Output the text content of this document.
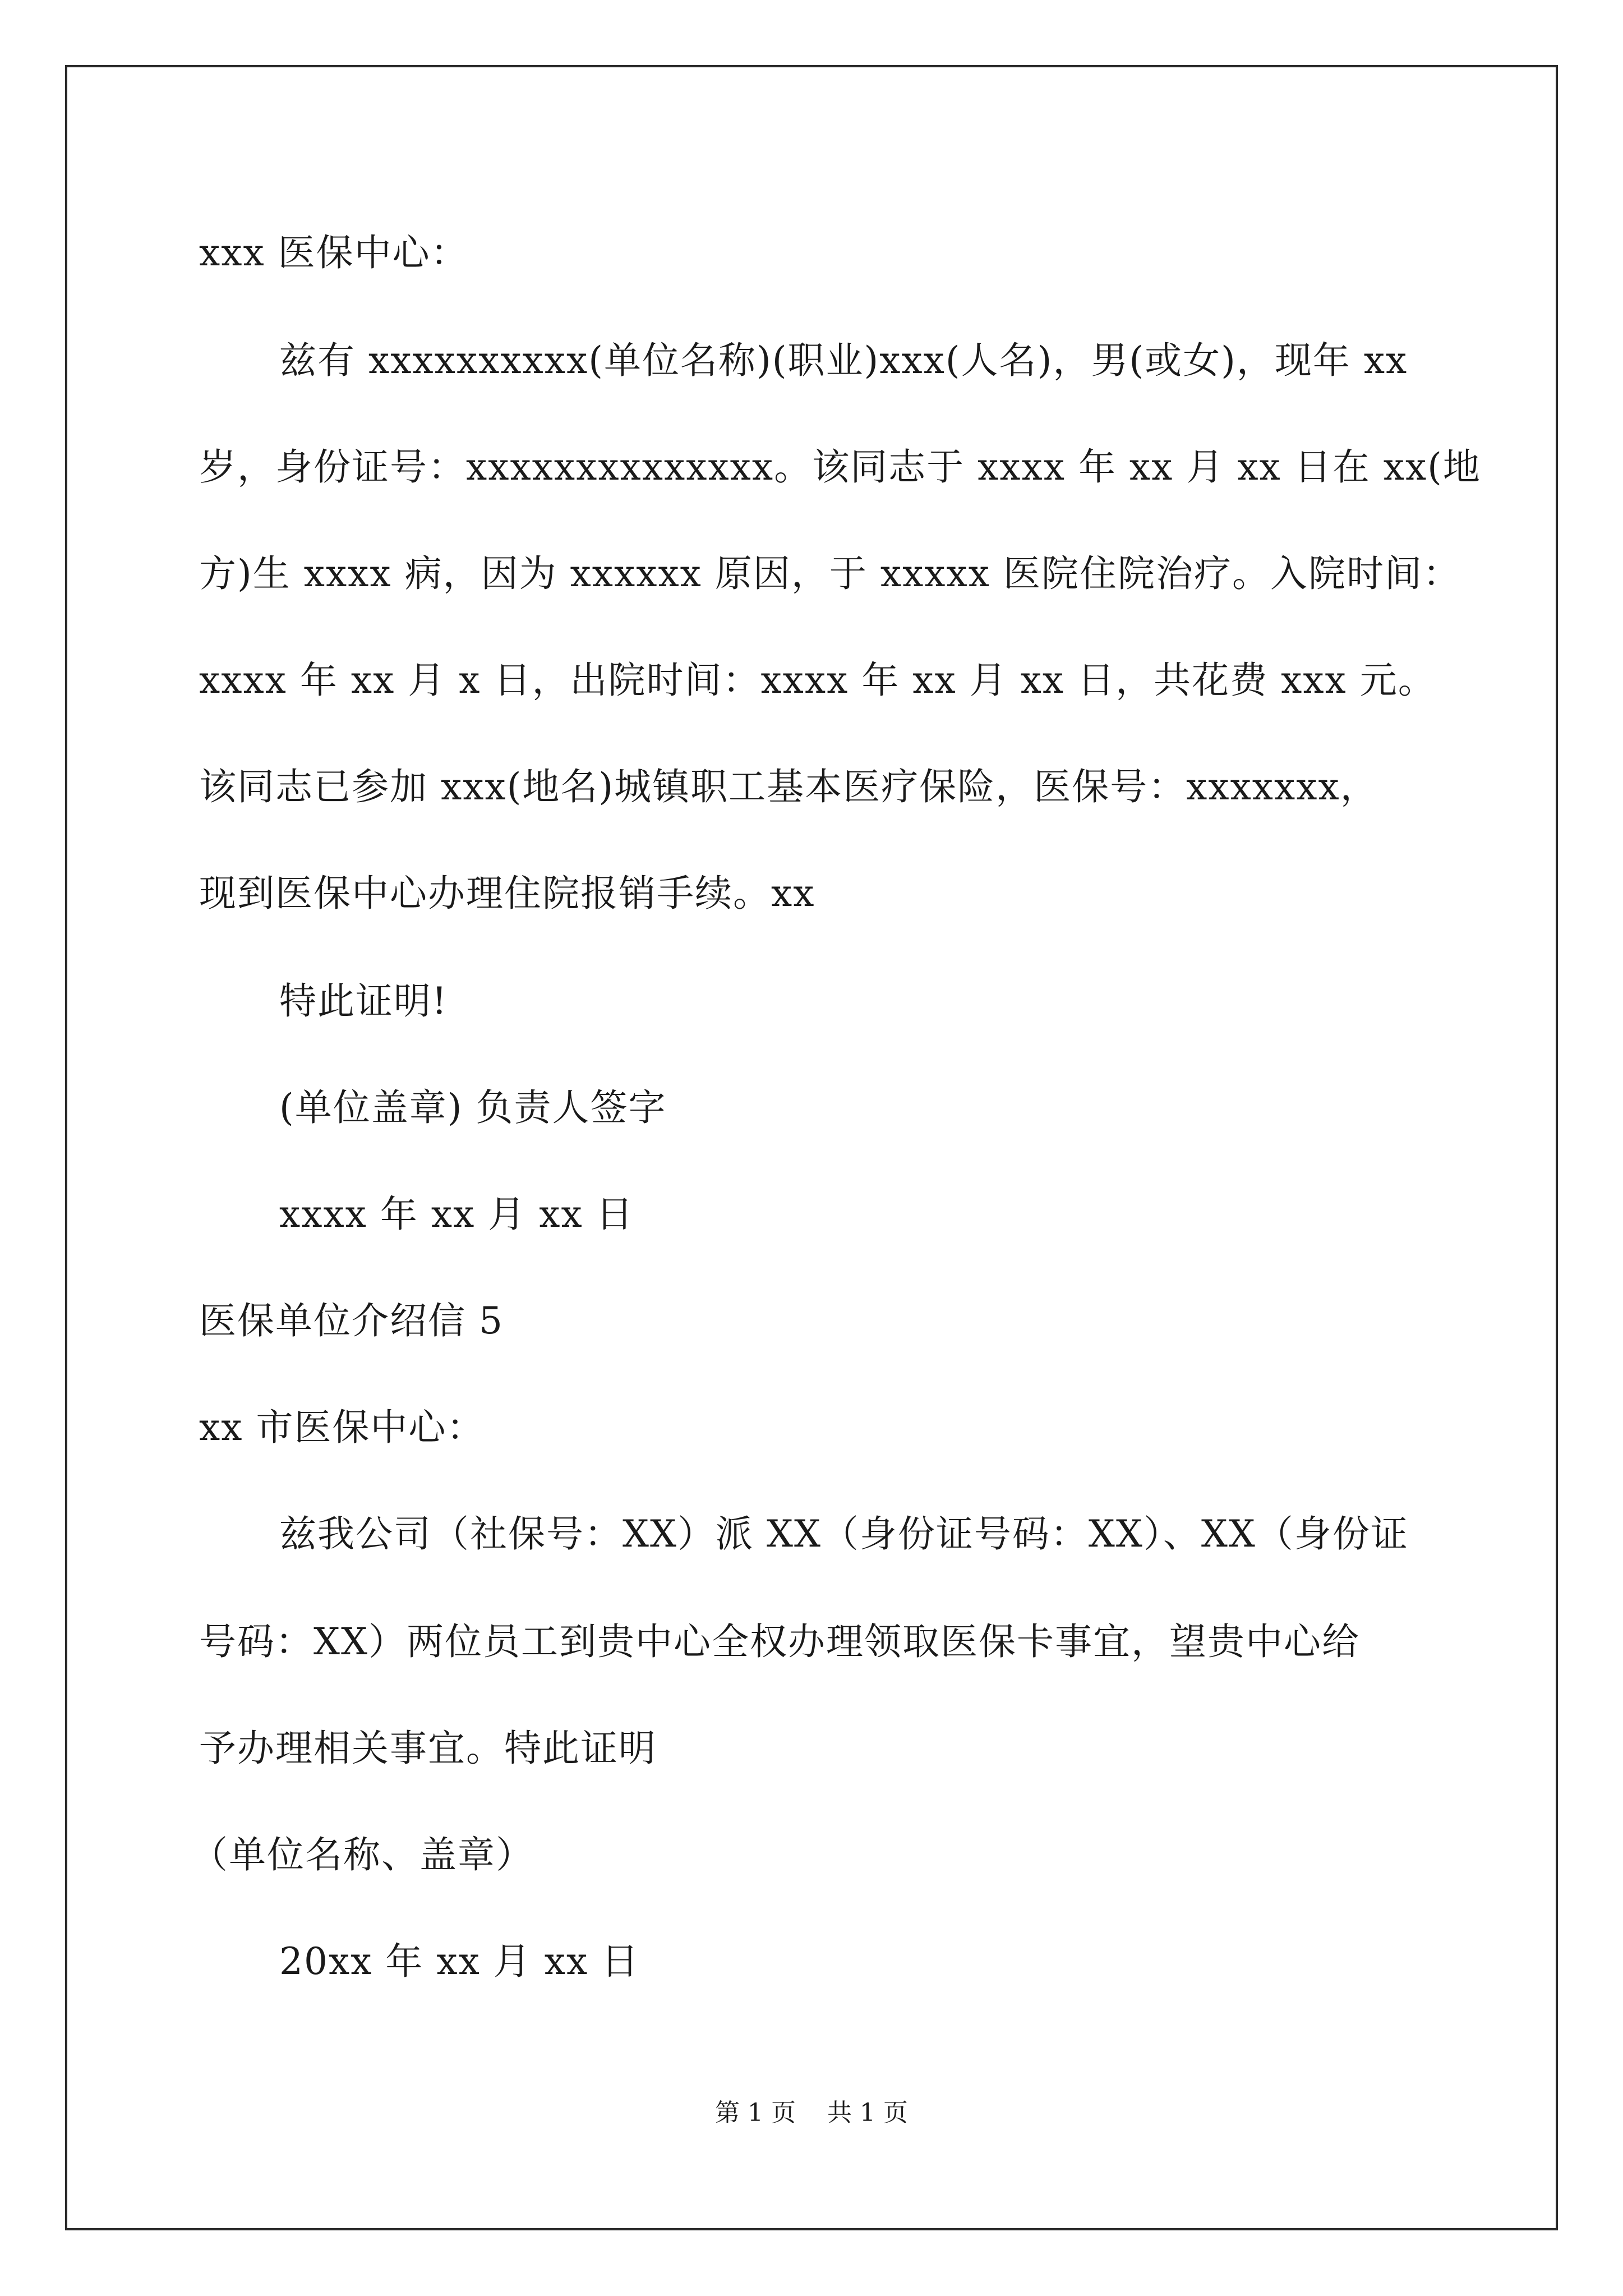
xxx 医保中心：
兹有 xxxxxxxxxx(单位名称)(职业)xxx(人名)，男(或女)，现年 xx
岁，身份证号：xxxxxxxxxxxxxx。该同志于 xxxx 年 xx 月 xx 日在 xx(地
方)生 xxxx 病，因为 xxxxxx 原因，于 xxxxx 医院住院治疗。入院时间：
xxxx 年 xx 月 x 日，出院时间：xxxx 年 xx 月 xx 日，共花费 xxx 元。
该同志已参加 xxx(地名)城镇职工基本医疗保险，医保号：xxxxxxx，
现到医保中心办理住院报销手续。xx
特此证明!
(单位盖章) 负责人签字
xxxx 年 xx 月 xx 日
医保单位介绍信 5
xx 市医保中心：
兹我公司（社保号：XX）派 XX（身份证号码：XX）、XX（身份证
号码：XX）两位员工到贵中心全权办理领取医保卡事宜，望贵中心给
予办理相关事宜。特此证明
（单位名称、盖章）
20xx 年 xx 月 xx 日
第 1 页    共 1 页
